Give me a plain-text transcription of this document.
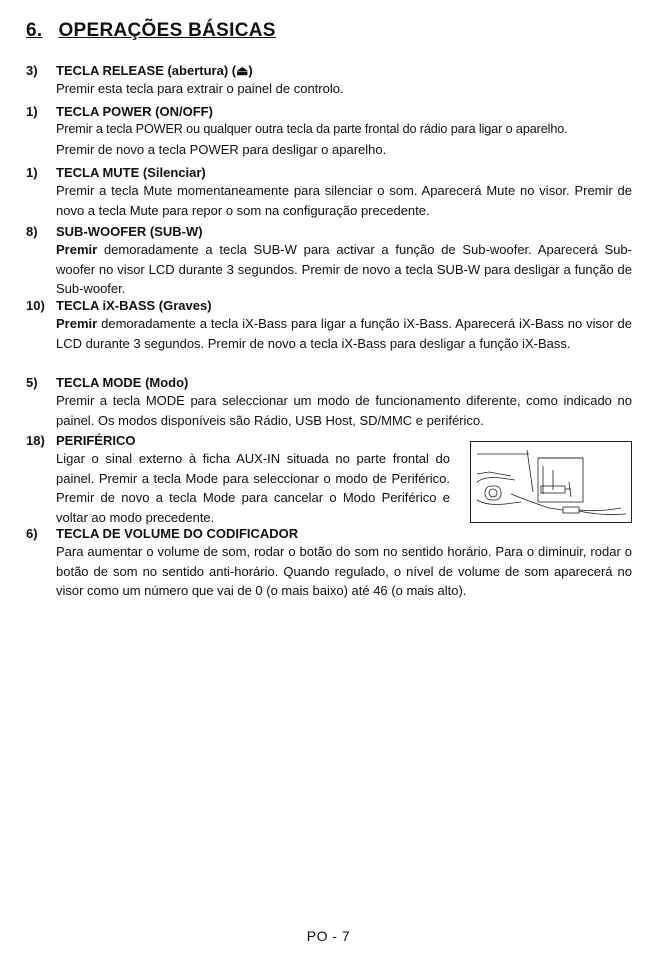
6. OPERAÇÕES BÁSICAS
3) TECLA RELEASE (abertura) (⏏)
Premir esta tecla para extrair o painel de controlo.
1) TECLA POWER (ON/OFF)
Premir a tecla POWER ou qualquer outra tecla da parte frontal do rádio para ligar o aparelho.
Premir de novo a tecla POWER para desligar o aparelho.
1) TECLA MUTE (Silenciar)
Premir a tecla Mute momentaneamente para silenciar o som. Aparecerá Mute no visor. Premir de novo a tecla Mute para repor o som na configuração precedente.
8) SUB-WOOFER (SUB-W)
Premir demoradamente a tecla SUB-W para activar a função de Sub-woofer. Aparecerá Sub-woofer no visor LCD durante 3 segundos. Premir de novo a tecla SUB-W para desligar a função de Sub-woofer.
10) TECLA iX-BASS (Graves)
Premir demoradamente a tecla iX-Bass para ligar a função iX-Bass. Aparecerá iX-Bass no visor de LCD durante 3 segundos. Premir de novo a tecla iX-Bass para desligar a função iX-Bass.
5) TECLA MODE (Modo)
Premir a tecla MODE para seleccionar um modo de funcionamento diferente, como indicado no painel. Os modos disponíveis são Rádio, USB Host, SD/MMC e periférico.
18) PERIFÉRICO
Ligar o sinal externo à ficha AUX-IN situada no parte frontal do painel. Premir a tecla Mode para seleccionar o modo de Periférico. Premir de novo a tecla Mode para cancelar o Modo Periférico e voltar ao modo precedente.
6) TECLA DE VOLUME DO CODIFICADOR
Para aumentar o volume de som, rodar o botão do som no sentido horário. Para o diminuir, rodar o botão de som no sentido anti-horário. Quando regulado, o nível de volume de som aparecerá no visor como um número que vai de 0 (o mais baixo) até 46 (o mais alto).
PO - 7
